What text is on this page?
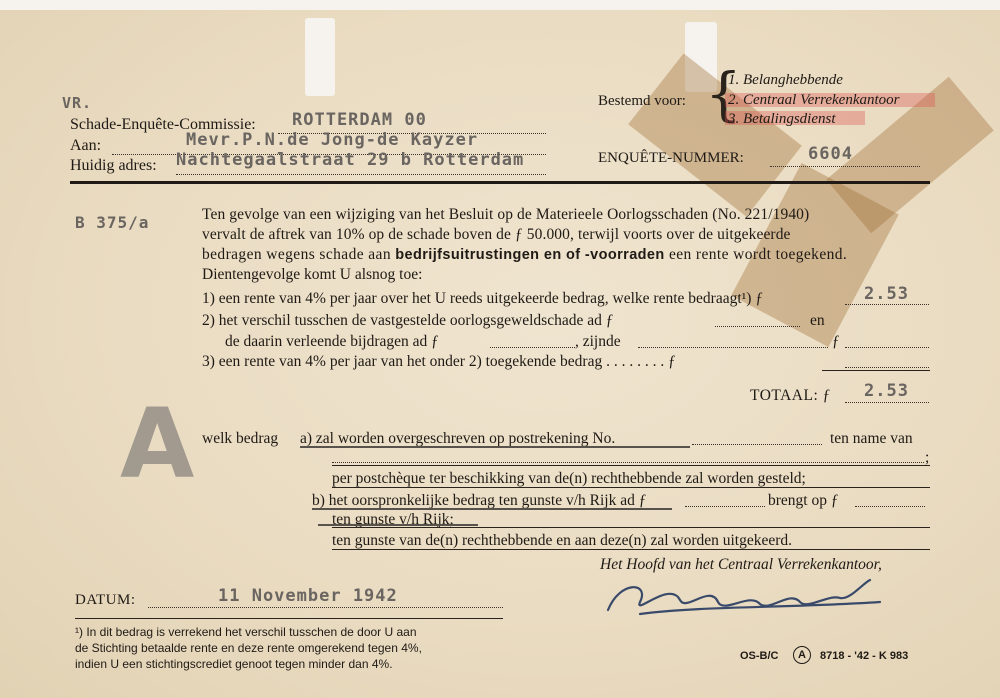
VR.
Schade-Enquête-Commissie: ROTTERDAM 00
Aan:	Mevr.P.N.de Jong-de Kayzer
Huidig adres: Nachtegaalstraat 29 b Rotterdam
Bestemd voor: {
1. Belanghebbende
2. Centraal Verrekenkantoor
3. Betalingsdienst
ENQUÊTE-NUMMER:	6604
B 375/a	Ten gevolge van een wijziging van het Besluit op de Materieele Oorlogsschaden (No. 221/1940)
vervalt de aftrek van 10% op de schade boven de ƒ 50.000, terwijl voorts over de uitgekeerde
bedragen wegens schade aan bedrijfsuitrustingen en of -voorraden een rente wordt toegekend.
Dientengevolge komt U alsnog toe:
1) een rente van 4% per jaar over het U reeds uitgekeerde bedrag, welke rente bedraagt¹) ƒ	2.53
2) het verschil tusschen de vastgestelde oorlogsgeweldschade ad ƒ	en
de daarin verleende bijdragen ad ƒ	, zijnde	ƒ
3) een rente van 4% per jaar van het onder 2) toegekende bedrag . . . . . . . . ƒ
TOTAAL: ƒ 2.53
A welk bedrag a) zal worden overgeschreven op postrekening No.	ten name van
;
per postchèque ter beschikking van de(n) rechthebbende zal worden gesteld;
b) het oorspronkelijke bedrag ten gunste v/h Rijk ad ƒ	brengt op ƒ
ten gunste v/h Rijk;
ten gunste van de(n) rechthebbende en aan deze(n) zal worden uitgekeerd.
Het Hoofd van het Centraal Verrekenkantoor,
DATUM:	11 November 1942
¹) In dit bedrag is verrekend het verschil tusschen de door U aan
de Stichting betaalde rente en deze rente omgerekend tegen 4%,
indien U een stichtingscrediet genoot tegen minder dan 4%.
OS-B/C	A	8718 - '42 - K 983
